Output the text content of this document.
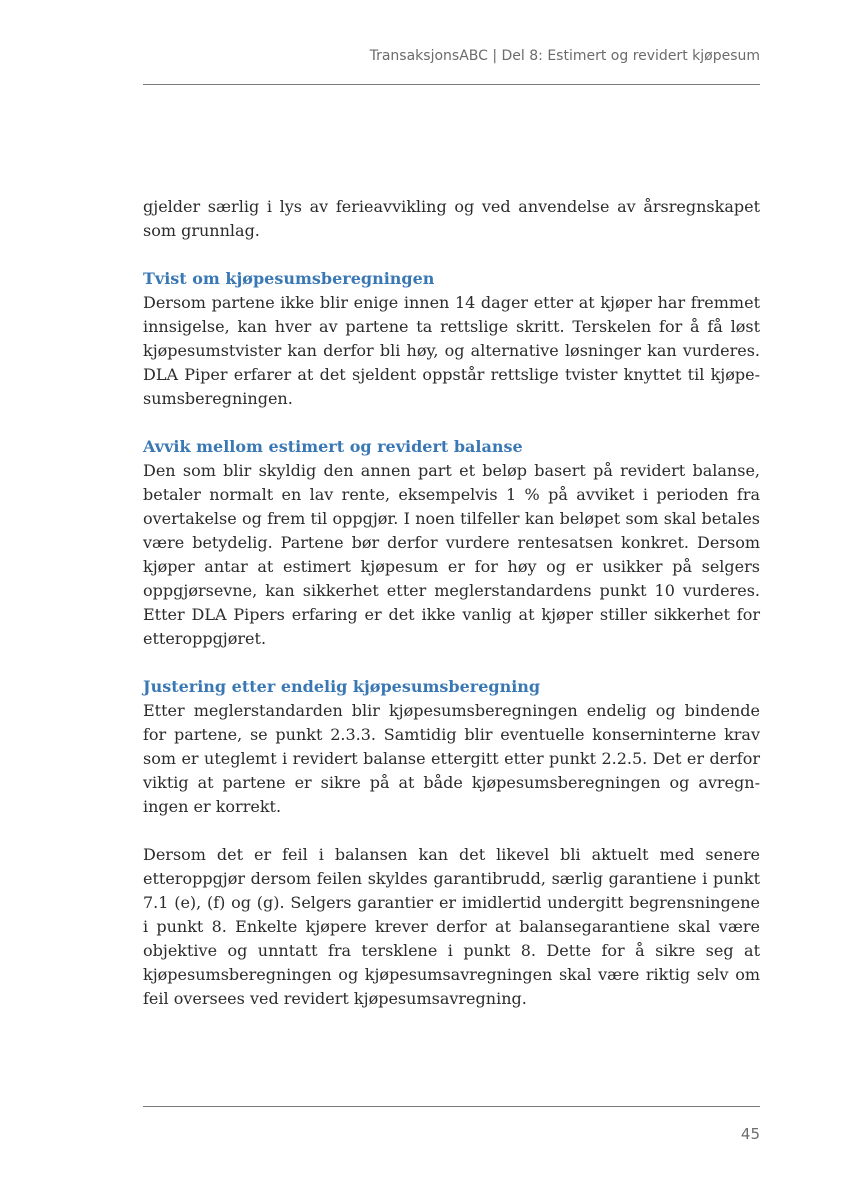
TransaksjonsABC | Del 8: Estimert og revidert kjøpesum

gjelder særlig i lys av ferieavvikling og ved anvendelse av årsregnskapet som grunnlag.

Tvist om kjøpesumsberegningen

Dersom partene ikke blir enige innen 14 dager etter at kjøper har fremmet innsigelse, kan hver av partene ta rettslige skritt. Terskelen for å få løst kjøpesumstvister kan derfor bli høy, og alternative løsninger kan vurderes. DLA Piper erfarer at det sjeldent oppstår rettslige tvister knyttet til kjøpesumsberegningen.

Avvik mellom estimert og revidert balanse

Den som blir skyldig den annen part et beløp basert på revidert balanse, betaler normalt en lav rente, eksempelvis 1 % på avviket i perioden fra overtakelse og frem til oppgjør. I noen tilfeller kan beløpet som skal betales være betydelig. Partene bør derfor vurdere rentesatsen konkret. Dersom kjøper antar at estimert kjøpesum er for høy og er usikker på selgers oppgjørsevne, kan sikkerhet etter meglerstandardens punkt 10 vurderes. Etter DLA Pipers erfaring er det ikke vanlig at kjøper stiller sikkerhet for etteroppgjøret.

Justering etter endelig kjøpesumsberegning

Etter meglerstandarden blir kjøpesumsberegningen endelig og bindende for partene, se punkt 2.3.3. Samtidig blir eventuelle konserninterne krav som er uteglemt i revidert balanse ettergitt etter punkt 2.2.5. Det er derfor viktig at partene er sikre på at både kjøpesumsberegningen og avregningen er korrekt.

Dersom det er feil i balansen kan det likevel bli aktuelt med senere etteroppgjør dersom feilen skyldes garantibrudd, særlig garantiene i punkt 7.1 (e), (f) og (g). Selgers garantier er imidlertid undergitt begrensningene i punkt 8. Enkelte kjøpere krever derfor at balansegarantiene skal være objektive og unntatt fra tersklene i punkt 8. Dette for å sikre seg at kjøpesumsberegningen og kjøpesumsavregningen skal være riktig selv om feil oversees ved revidert kjøpesumsavregning.

45
